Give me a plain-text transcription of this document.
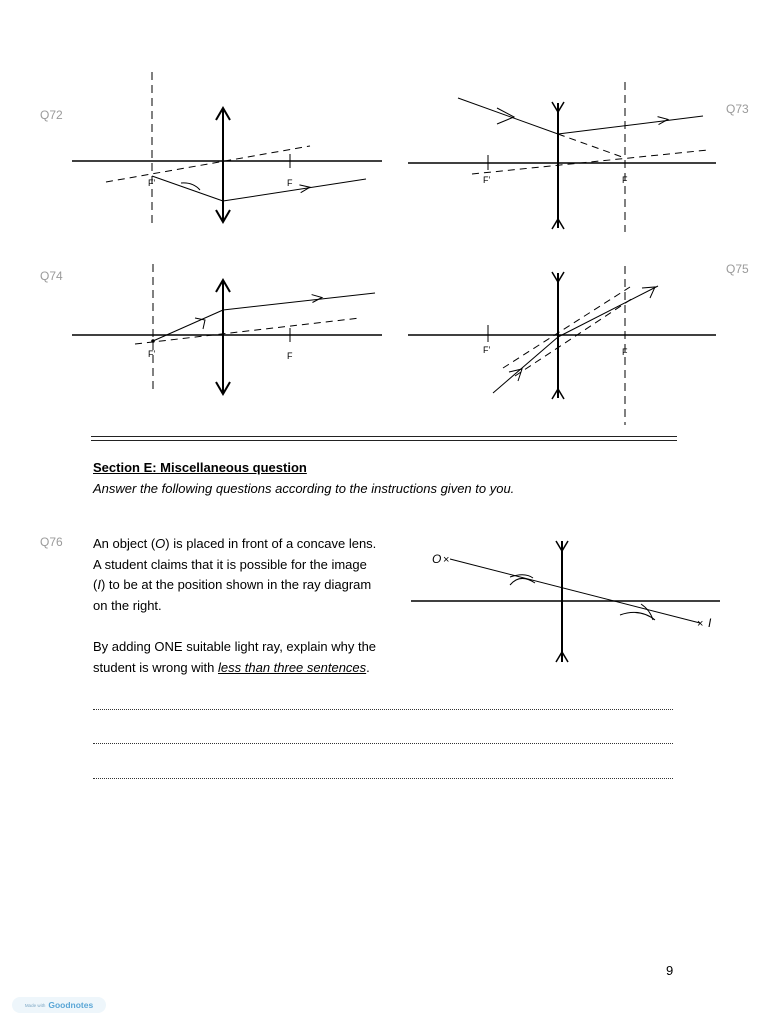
Q72	Q73
Q74	Q75
Q76
F’	F	F’	F
F’	F
F’	F
Section E: Miscellaneous question
Answer the following questions according to the instructions given to you.

An object (O) is placed in front of a concave lens.

A student claims that it is possible for the image

(I) to be at the position shown in the ray diagram

on the right.

By adding ONE suitable light ray, explain why the

student is wrong with less than three sentences.

O ×
× I
9
Made with Goodnotes
